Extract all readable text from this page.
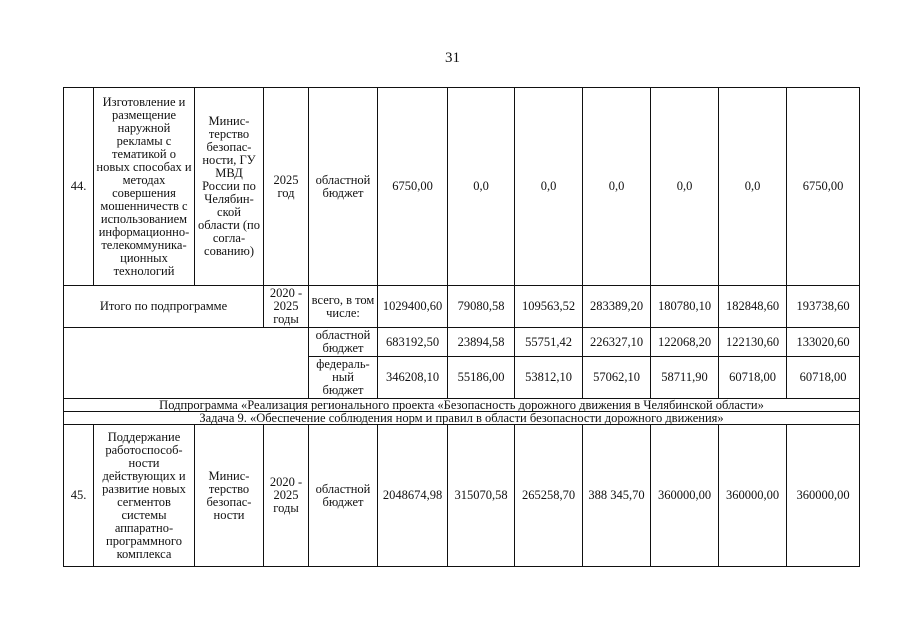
31
44.	Изготовление и размещение наружной рекламы с тематикой о новых способах и методах совершения мошенничеств с использованием информационно-телекоммуника-ционных технологий	Минис-терство безопас-ности, ГУ МВД России по Челябин-ской области (по согла-сованию)	2025 год	областной бюджет	6750,00	0,0	0,0	0,0	0,0	0,0	6750,00
Итого по подпрограмме			2020 - 2025 годы	всего, в том числе:	1029400,60	79080,58	109563,52	283389,20	180780,10	182848,60	193738,60
				областной бюджет	683192,50	23894,58	55751,42	226327,10	122068,20	122130,60	133020,60
				федераль-ный бюджет	346208,10	55186,00	53812,10	57062,10	58711,90	60718,00	60718,00
Подпрограмма «Реализация регионального проекта «Безопасность дорожного движения в Челябинской области»											
Задача 9. «Обеспечение соблюдения норм и правил в области безопасности дорожного движения»											
45.	Поддержание работоспособ-ности действующих и развитие новых сегментов системы аппаратно-программного комплекса	Минис-терство безопас-ности	2020 - 2025 годы	областной бюджет	2048674,98	315070,58	265258,70	388 345,70	360000,00	360000,00	360000,00
